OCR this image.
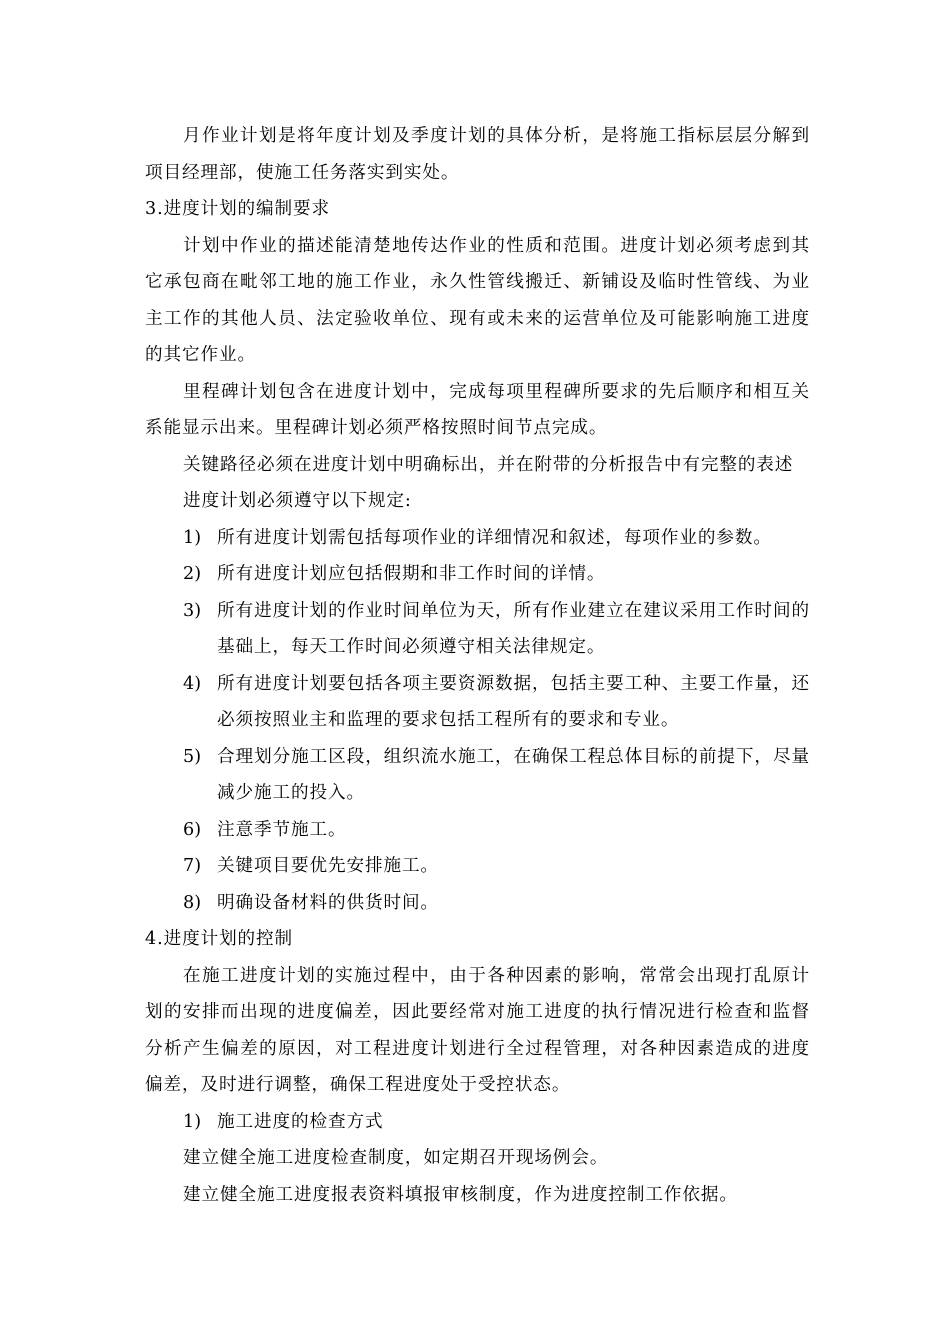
月作业计划是将年度计划及季度计划的具体分析，是将施工指标层层分解到项目经理部，使施工任务落实到实处。

3.进度计划的编制要求

计划中作业的描述能清楚地传达作业的性质和范围。进度计划必须考虑到其它承包商在毗邻工地的施工作业，永久性管线搬迁、新铺设及临时性管线、为业主工作的其他人员、法定验收单位、现有或未来的运营单位及可能影响施工进度的其它作业。

里程碑计划包含在进度计划中，完成每项里程碑所要求的先后顺序和相互关系能显示出来。里程碑计划必须严格按照时间节点完成。

关键路径必须在进度计划中明确标出，并在附带的分析报告中有完整的表述

进度计划必须遵守以下规定:

1) 所有进度计划需包括每项作业的详细情况和叙述，每项作业的参数。
2) 所有进度计划应包括假期和非工作时间的详情。
3) 所有进度计划的作业时间单位为天，所有作业建立在建议采用工作时间的基础上，每天工作时间必须遵守相关法律规定。
4) 所有进度计划要包括各项主要资源数据，包括主要工种、主要工作量，还必须按照业主和监理的要求包括工程所有的要求和专业。
5) 合理划分施工区段，组织流水施工，在确保工程总体目标的前提下，尽量减少施工的投入。
6) 注意季节施工。
7) 关键项目要优先安排施工。
8) 明确设备材料的供货时间。

4.进度计划的控制

在施工进度计划的实施过程中，由于各种因素的影响，常常会出现打乱原计划的安排而出现的进度偏差，因此要经常对施工进度的执行情况进行检查和监督分析产生偏差的原因，对工程进度计划进行全过程管理，对各种因素造成的进度偏差，及时进行调整，确保工程进度处于受控状态。

1) 施工进度的检查方式

建立健全施工进度检查制度，如定期召开现场例会。

建立健全施工进度报表资料填报审核制度，作为进度控制工作依据。
